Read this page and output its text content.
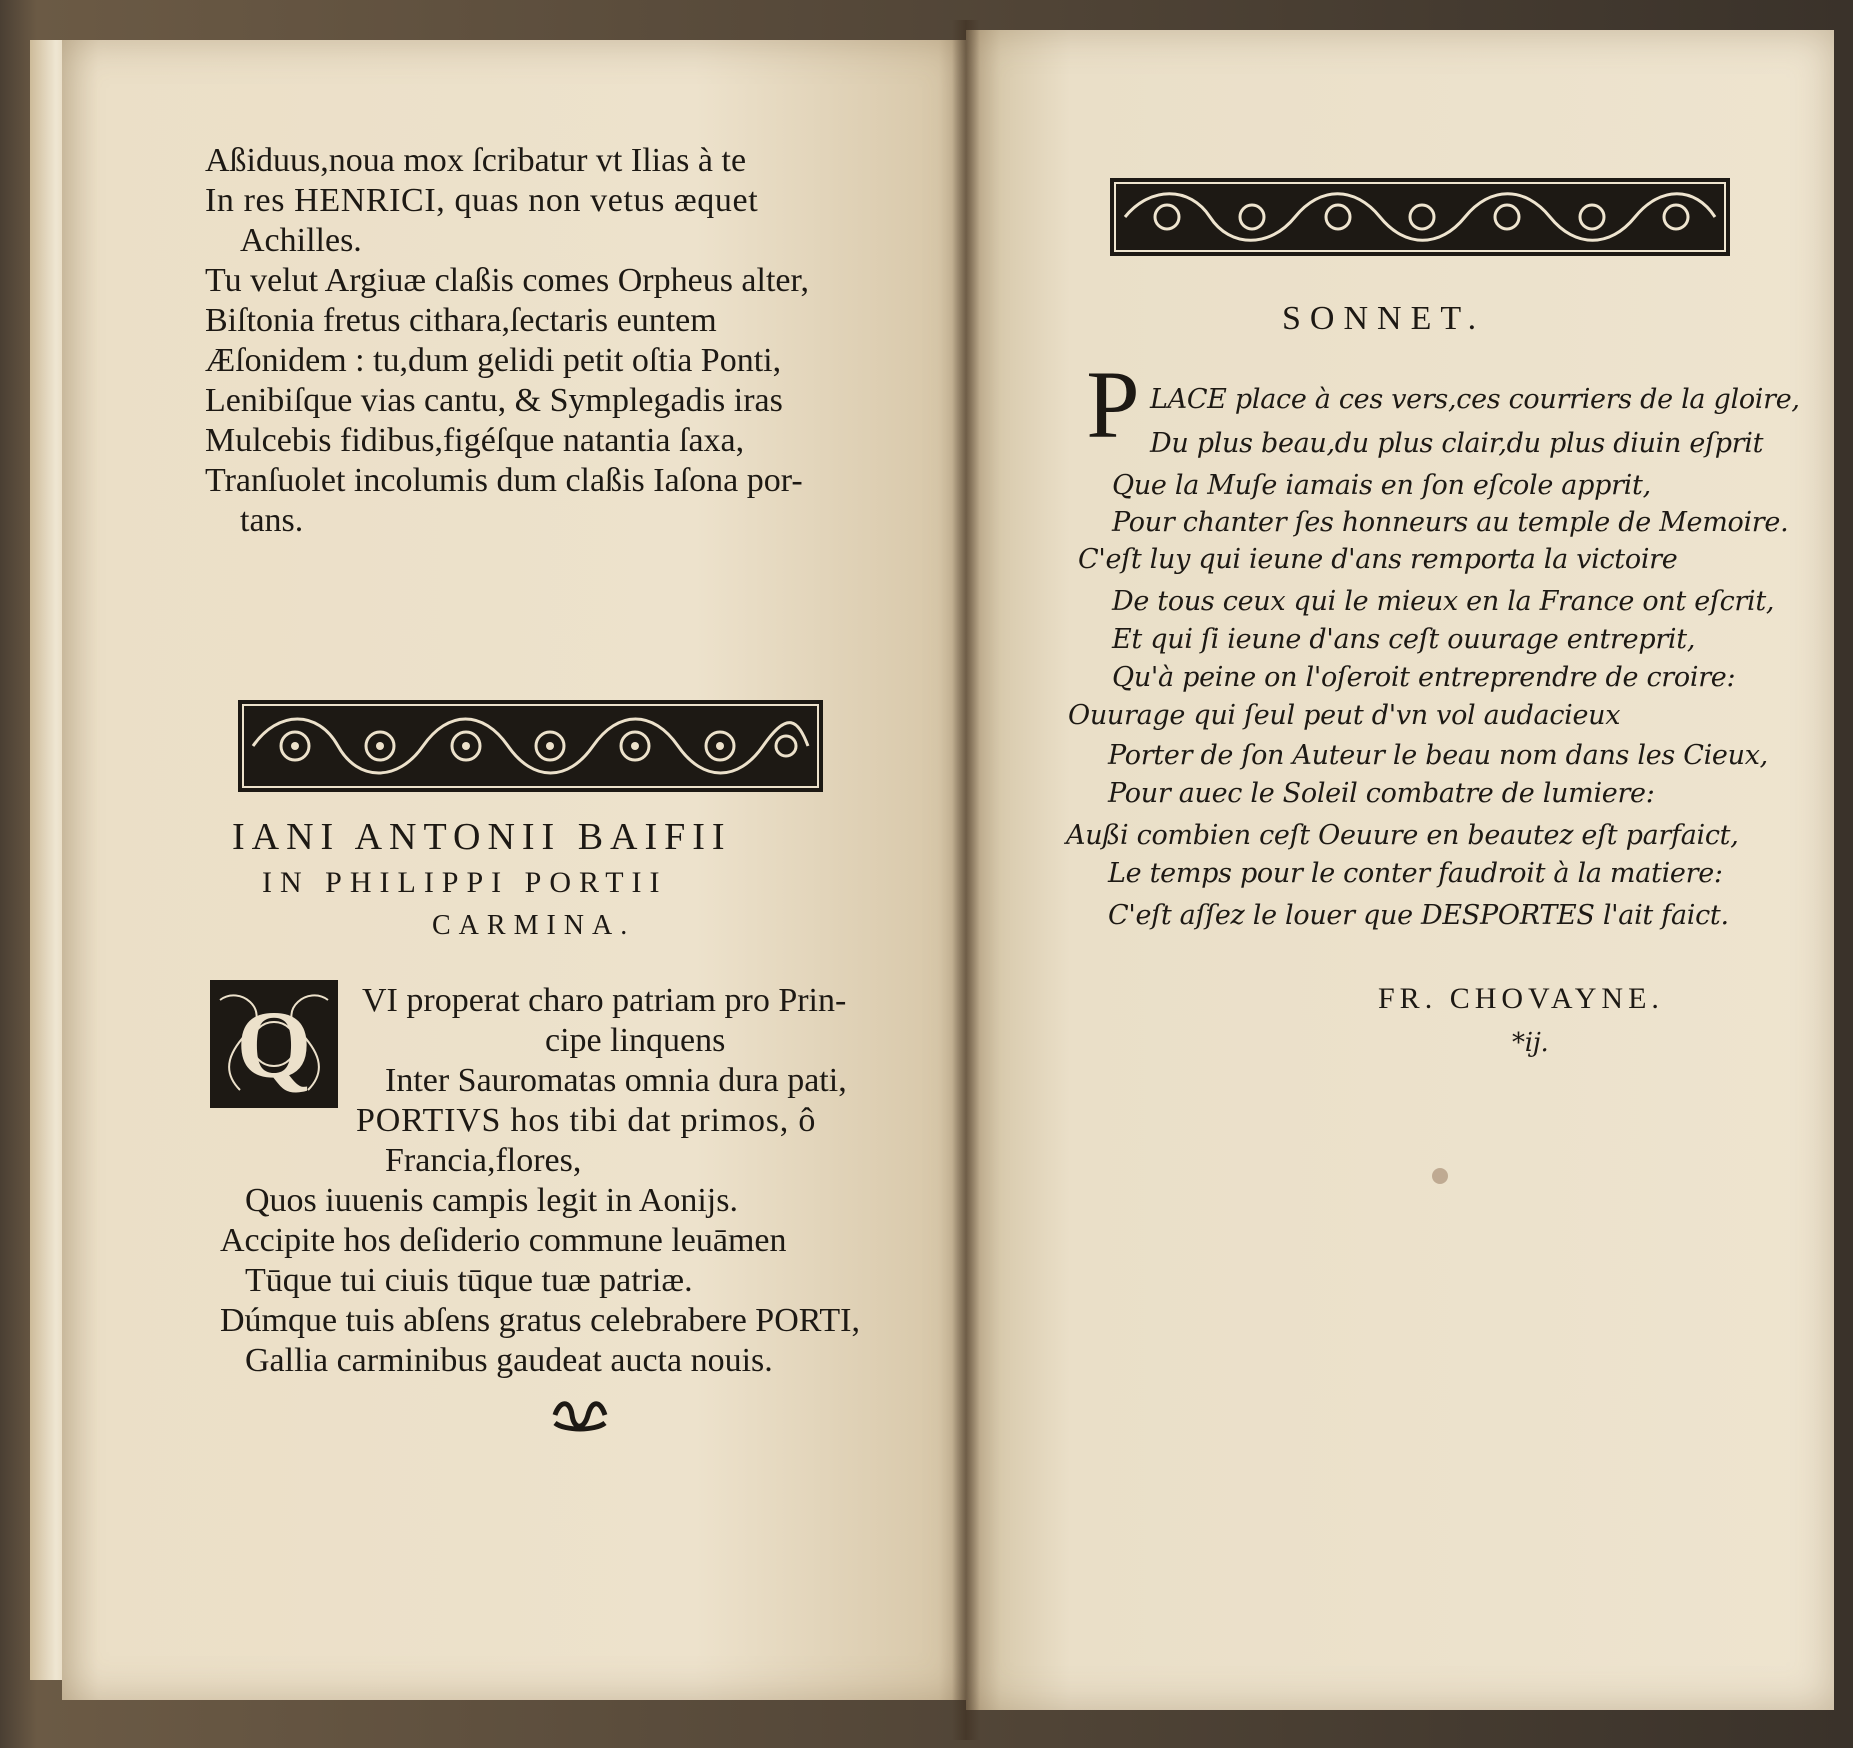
Aßiduus,noua mox ſcribatur vt Ilias à te
In res HENRICI, quas non vetus æquet
Achilles.
Tu velut Argiuæ claßis comes Orpheus alter,
Biſtonia fretus cithara,ſectaris euntem
Æſonidem : tu,dum gelidi petit oſtia Ponti,
Lenibiſque vias cantu, & Symplegadis iras
Mulcebis fidibus,figéſque natantia ſaxa,
Tranſuolet incolumis dum claßis Iaſona por-
tans.
IANI ANTONII BAIFII
IN PHILIPPI PORTII
CARMINA.
Q VI properat charo patriam pro Prin-
cipe linquens
Inter Sauromatas omnia dura pati,
PORTIVS hos tibi dat primos, ô
Francia,flores,
Quos iuuenis campis legit in Aonijs.
Accipite hos deſiderio commune leuāmen
Tūque tui ciuis tūque tuæ patriæ.
Dúmque tuis abſens gratus celebrabere PORTI,
Gallia carminibus gaudeat aucta nouis.
SONNET.
P LACE place à ces vers,ces courriers de la gloire,
Du plus beau,du plus clair,du plus diuin eſprit
Que la Muſe iamais en ſon eſcole apprit,
Pour chanter ſes honneurs au temple de Memoire.
C'eſt luy qui ieune d'ans remporta la victoire
De tous ceux qui le mieux en la France ont eſcrit,
Et qui ſi ieune d'ans ceſt ouurage entreprit,
Qu'à peine on l'oſeroit entreprendre de croire:
Ouurage qui ſeul peut d'vn vol audacieux
Porter de ſon Auteur le beau nom dans les Cieux,
Pour auec le Soleil combatre de lumiere:
Außi combien ceſt Oeuure en beautez eſt parfaict,
Le temps pour le conter faudroit à la matiere:
C'eſt aſſez le louer que DESPORTES l'ait faict.
FR. CHOVAYNE.
*ij.
